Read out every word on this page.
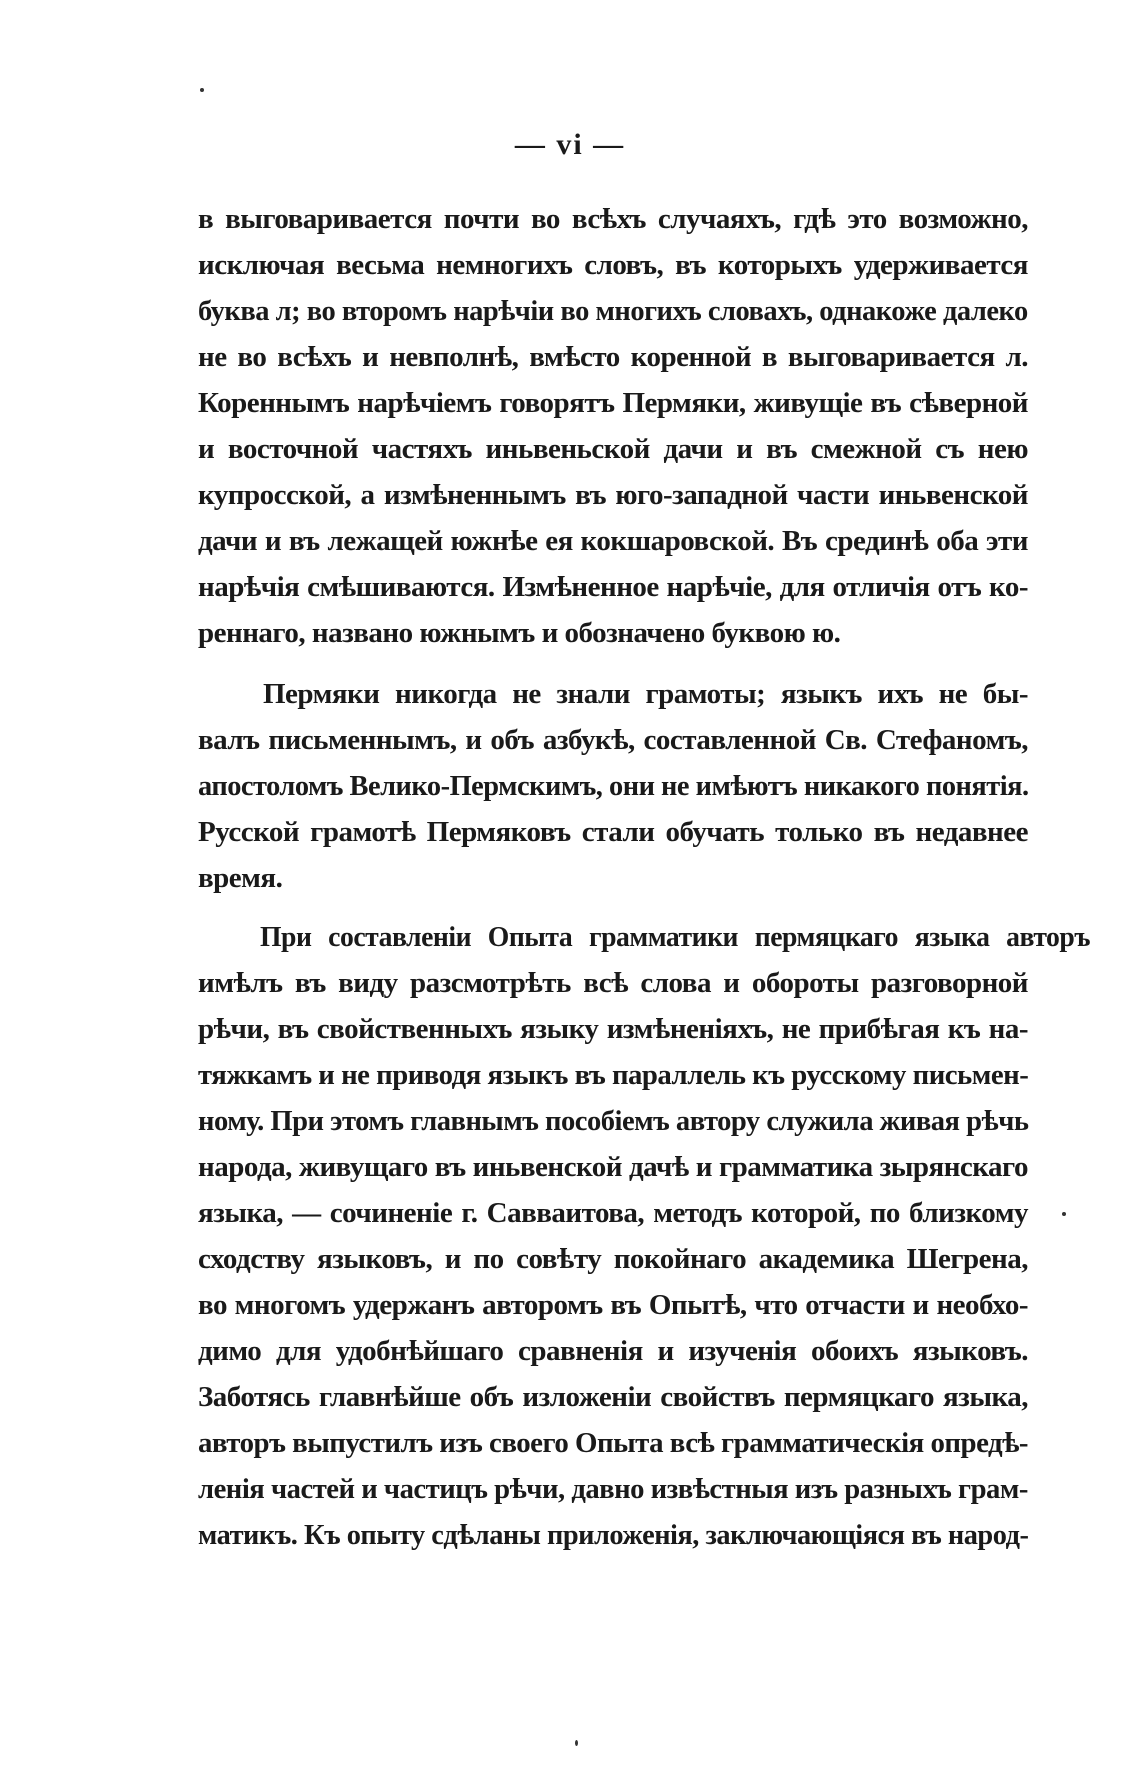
— vi —
в выговаривается почти во всѣхъ случаяхъ, гдѣ это возможно,
исключая весьма немногихъ словъ, въ которыхъ удерживается
буква л; во второмъ нарѣчіи во многихъ словахъ, однакоже далеко
не во всѣхъ и невполнѣ, вмѣсто коренной в выговаривается л.
Кореннымъ нарѣчіемъ говорятъ Пермяки, живущіе въ сѣверной
и восточной частяхъ иньвеньской дачи и въ смежной съ нею
купросской, а измѣненнымъ въ юго-западной части иньвенской
дачи и въ лежащей южнѣе ея кокшаровской. Въ срединѣ оба эти
нарѣчія смѣшиваются. Измѣненное нарѣчіе, для отличія отъ ко-
реннаго, названо южнымъ и обозначено буквою ю.
Пермяки никогда не знали грамоты; языкъ ихъ не бы-
валъ письменнымъ, и объ азбукѣ, составленной Св. Стефаномъ,
апостоломъ Велико-Пермскимъ, они не имѣютъ никакого понятія.
Русской грамотѣ Пермяковъ стали обучать только въ недавнее
время.
При составленіи Опыта грамматики пермяцкаго языка авторъ
имѣлъ въ виду разсмотрѣть всѣ слова и обороты разговорной
рѣчи, въ свойственныхъ языку измѣненіяхъ, не прибѣгая къ на-
тяжкамъ и не приводя языкъ въ параллель къ русскому письмен-
ному. При этомъ главнымъ пособіемъ автору служила живая рѣчь
народа, живущаго въ иньвенской дачѣ и грамматика зырянскаго
языка, — сочиненіе г. Савваитова, методъ которой, по близкому
сходству языковъ, и по совѣту покойнаго академика Шегрена,
во многомъ удержанъ авторомъ въ Опытѣ, что отчасти и необхо-
димо для удобнѣйшаго сравненія и изученія обоихъ языковъ.
Заботясь главнѣйше объ изложеніи свойствъ пермяцкаго языка,
авторъ выпустилъ изъ своего Опыта всѣ грамматическія опредѣ-
ленія частей и частицъ рѣчи, давно извѣстныя изъ разныхъ грам-
матикъ. Къ опыту сдѣланы приложенія, заключающіяся въ народ-
